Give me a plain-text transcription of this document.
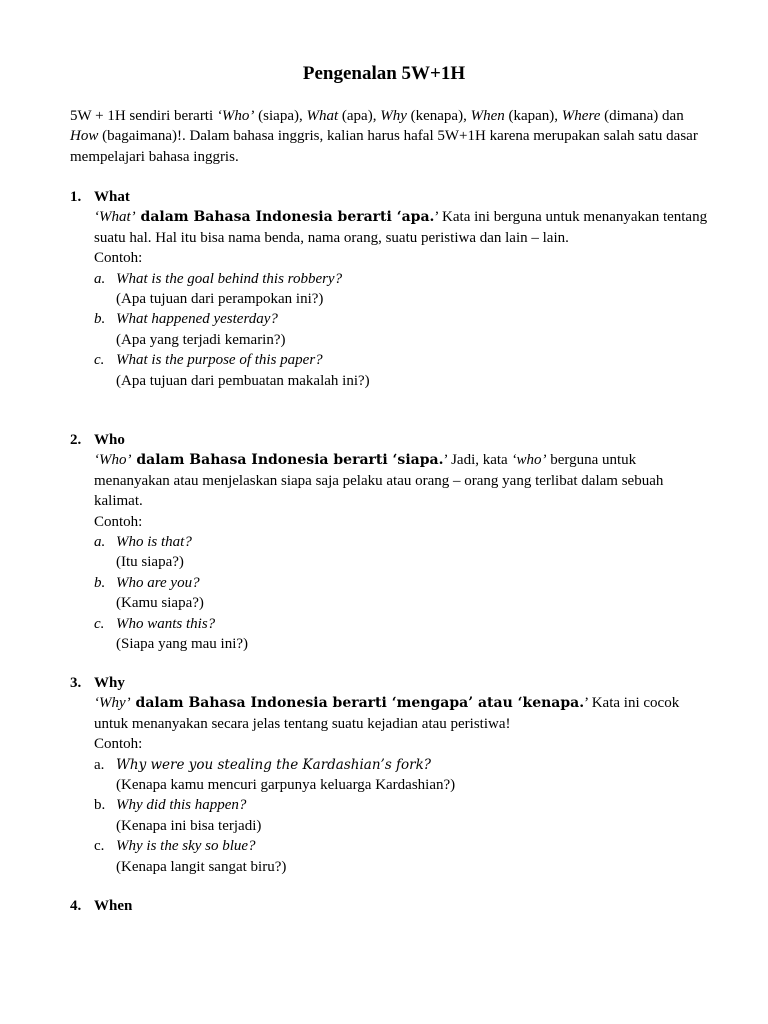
Pengenalan 5W+1H
5W + 1H sendiri berarti ‘Who’ (siapa), What (apa), Why (kenapa), When (kapan), Where (dimana) dan How (bagaimana)!. Dalam bahasa inggris, kalian harus hafal 5W+1H karena merupakan salah satu dasar mempelajari bahasa inggris.
1. What
‘What’ dalam Bahasa Indonesia berarti ‘apa.’ Kata ini berguna untuk menanyakan tentang suatu hal. Hal itu bisa nama benda, nama orang, suatu peristiwa dan lain – lain.
Contoh:
a. What is the goal behind this robbery?
(Apa tujuan dari perampokan ini?)
b. What happened yesterday?
(Apa yang terjadi kemarin?)
c. What is the purpose of this paper?
(Apa tujuan dari pembuatan makalah ini?)
2. Who
‘Who’ dalam Bahasa Indonesia berarti ‘siapa.’ Jadi, kata ‘who’ berguna untuk menanyakan atau menjelaskan siapa saja pelaku atau orang – orang yang terlibat dalam sebuah kalimat.
Contoh:
a. Who is that?
(Itu siapa?)
b. Who are you?
(Kamu siapa?)
c. Who wants this?
(Siapa yang mau ini?)
3. Why
‘Why’ dalam Bahasa Indonesia berarti ‘mengapa’ atau ‘kenapa.’ Kata ini cocok untuk menanyakan secara jelas tentang suatu kejadian atau peristiwa!
Contoh:
a. Why were you stealing the Kardashian’s fork?
(Kenapa kamu mencuri garpunya keluarga Kardashian?)
b. Why did this happen?
(Kenapa ini bisa terjadi)
c. Why is the sky so blue?
(Kenapa langit sangat biru?)
4. When
